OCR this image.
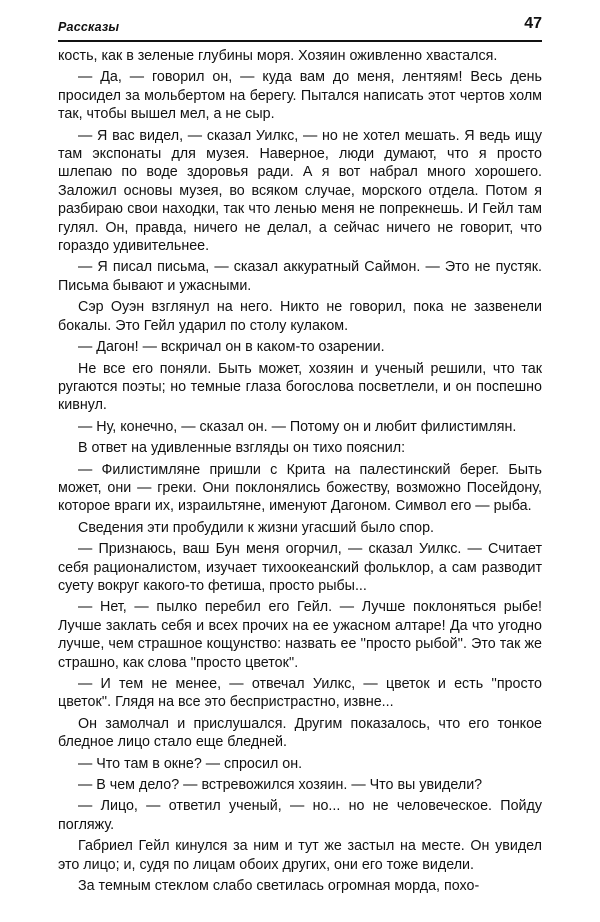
Рассказы	47

кость, как в зеленые глубины моря. Хозяин оживленно хвастался.

— Да, — говорил он, — куда вам до меня, лентяям! Весь день просидел за мольбертом на берегу. Пытался написать этот чертов холм так, чтобы вышел мел, а не сыр.

— Я вас видел, — сказал Уилкс, — но не хотел мешать. Я ведь ищу там экспонаты для музея. Наверное, люди думают, что я просто шлепаю по воде здоровья ради. А я вот набрал много хорошего. Заложил основы музея, во всяком случае, морского отдела. Потом я разбираю свои находки, так что ленью меня не попрекнешь. И Гейл там гулял. Он, правда, ничего не делал, а сейчас ничего не говорит, что гораздо удивительнее.

— Я писал письма, — сказал аккуратный Саймон. — Это не пустяк. Письма бывают и ужасными.

Сэр Оуэн взглянул на него. Никто не говорил, пока не зазвенели бокалы. Это Гейл ударил по столу кулаком.

— Дагон! — вскричал он в каком-то озарении.

Не все его поняли. Быть может, хозяин и ученый решили, что так ругаются поэты; но темные глаза богослова посветлели, и он поспешно кивнул.

— Ну, конечно, — сказал он. — Потому он и любит филистимлян.

В ответ на удивленные взгляды он тихо пояснил:

— Филистимляне пришли с Крита на палестинский берег. Быть может, они — греки. Они поклонялись божеству, возможно Посейдону, которое враги их, израильтяне, именуют Дагоном. Символ его — рыба.

Сведения эти пробудили к жизни угасший было спор.

— Признаюсь, ваш Бун меня огорчил, — сказал Уилкс. — Считает себя рационалистом, изучает тихоокеанский фольклор, а сам разводит суету вокруг какого-то фетиша, просто рыбы...

— Нет, — пылко перебил его Гейл. — Лучше поклоняться рыбе! Лучше заклать себя и всех прочих на ее ужасном алтаре! Да что угодно лучше, чем страшное кощунство: назвать ее ''просто рыбой''. Это так же страшно, как слова ''просто цветок''.

— И тем не менее, — отвечал Уилкс, — цветок и есть ''просто цветок''. Глядя на все это беспристрастно, извне...

Он замолчал и прислушался. Другим показалось, что его тонкое бледное лицо стало еще бледней.

— Что там в окне? — спросил он.

— В чем дело? — встревожился хозяин. — Что вы увидели?

— Лицо, — ответил ученый, — но... но не человеческое. Пойду погляжу.

Габриел Гейл кинулся за ним и тут же застыл на месте. Он увидел это лицо; и, судя по лицам обоих других, они его тоже видели.

За темным стеклом слабо светилась огромная морда, похо-
